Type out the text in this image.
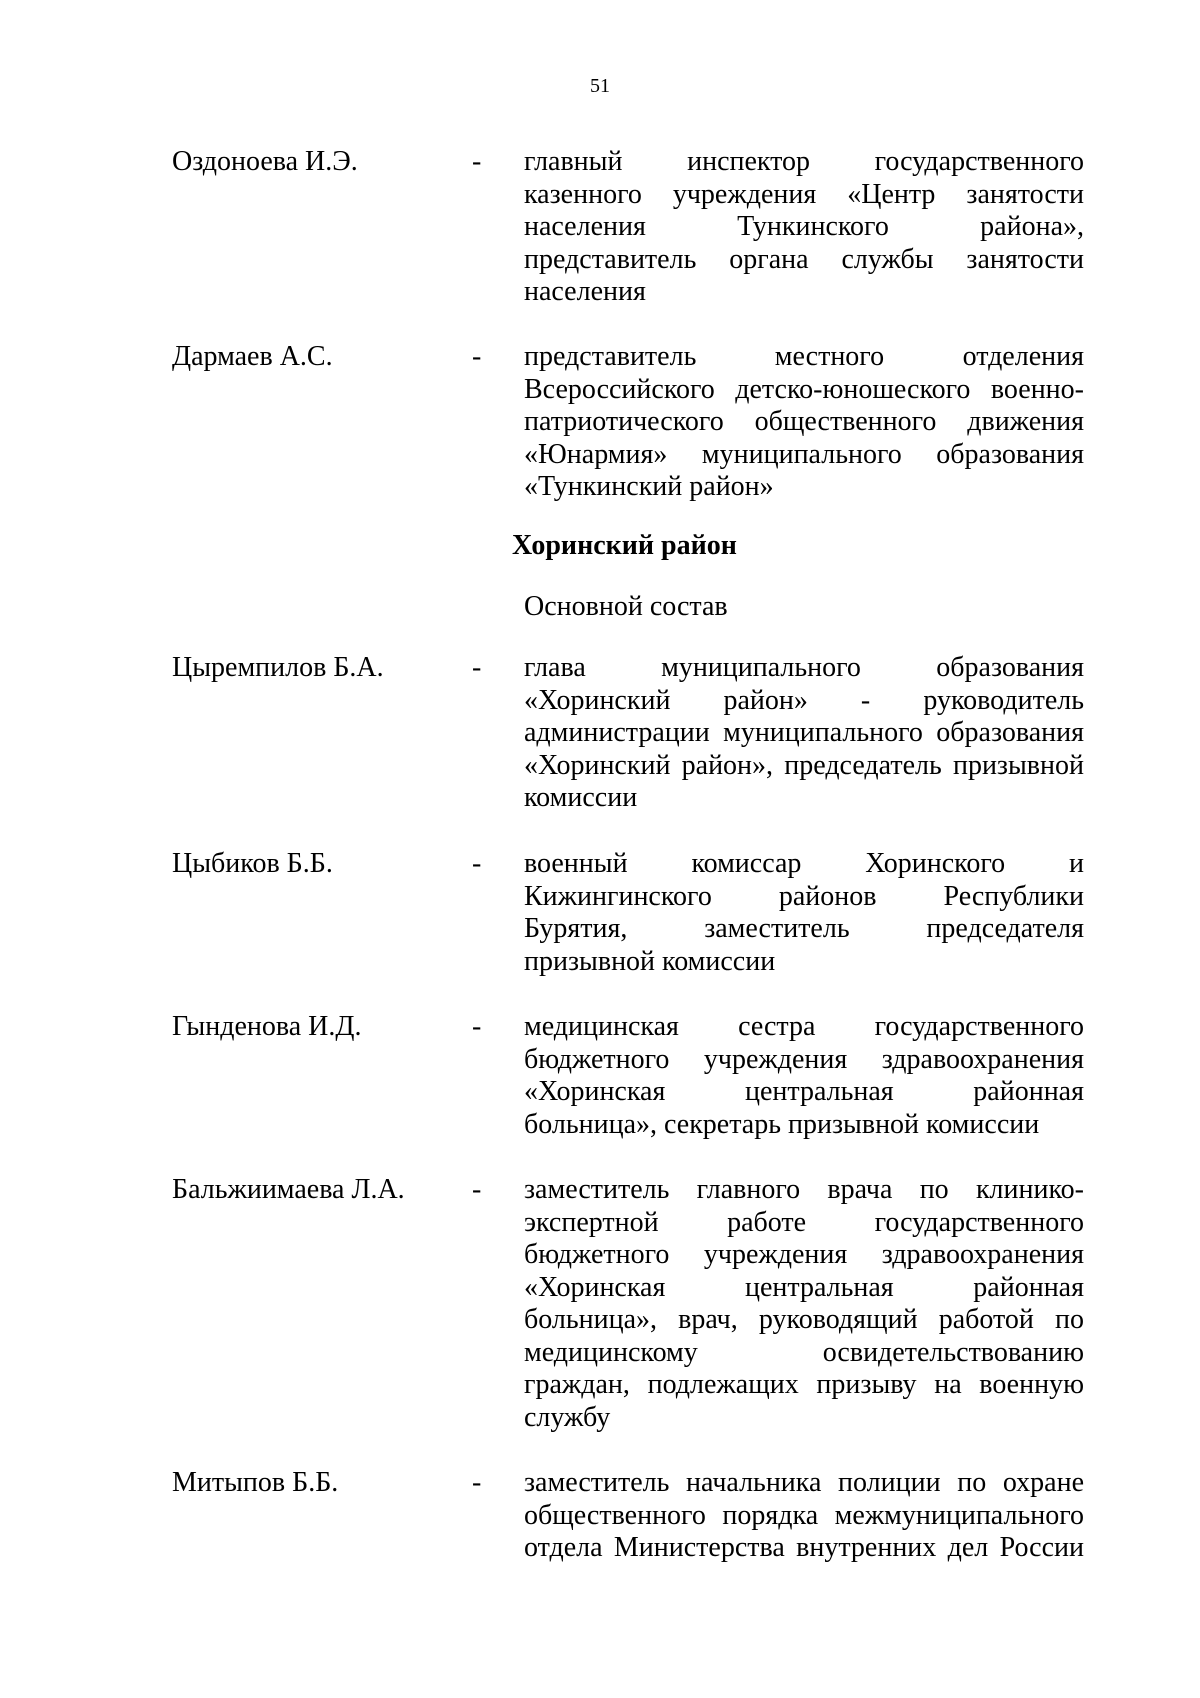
51
Оздоноева И.Э.	- главный инспектор государственного
казенного учреждения «Центр занятости
населения Тункинского района»,
представитель органа службы занятости
населения
Дармаев А.С.	- представитель местного отделения
Всероссийского детско-юношеского военно-
патриотического общественного движения
«Юнармия» муниципального образования
«Тункинский район»
Хоринский район
Основной состав
Цыремпилов Б.А.	- глава муниципального образования
«Хоринский район» - руководитель
администрации муниципального образования
«Хоринский район», председатель призывной
комиссии
Цыбиков Б.Б.	- военный комиссар Хоринского и
Кижингинского районов Республики
Бурятия, заместитель председателя
призывной комиссии
Гынденова И.Д.	- медицинская сестра государственного
бюджетного учреждения здравоохранения
«Хоринская центральная районная
больница», секретарь призывной комиссии
Бальжиимаева Л.А. - заместитель главного врача по клинико-
экспертной работе государственного
бюджетного учреждения здравоохранения
«Хоринская центральная районная
больница», врач, руководящий работой по
медицинскому освидетельствованию
граждан, подлежащих призыву на военную
службу
Митыпов Б.Б.	- заместитель начальника полиции по охране
общественного порядка межмуниципального
отдела Министерства внутренних дел России
